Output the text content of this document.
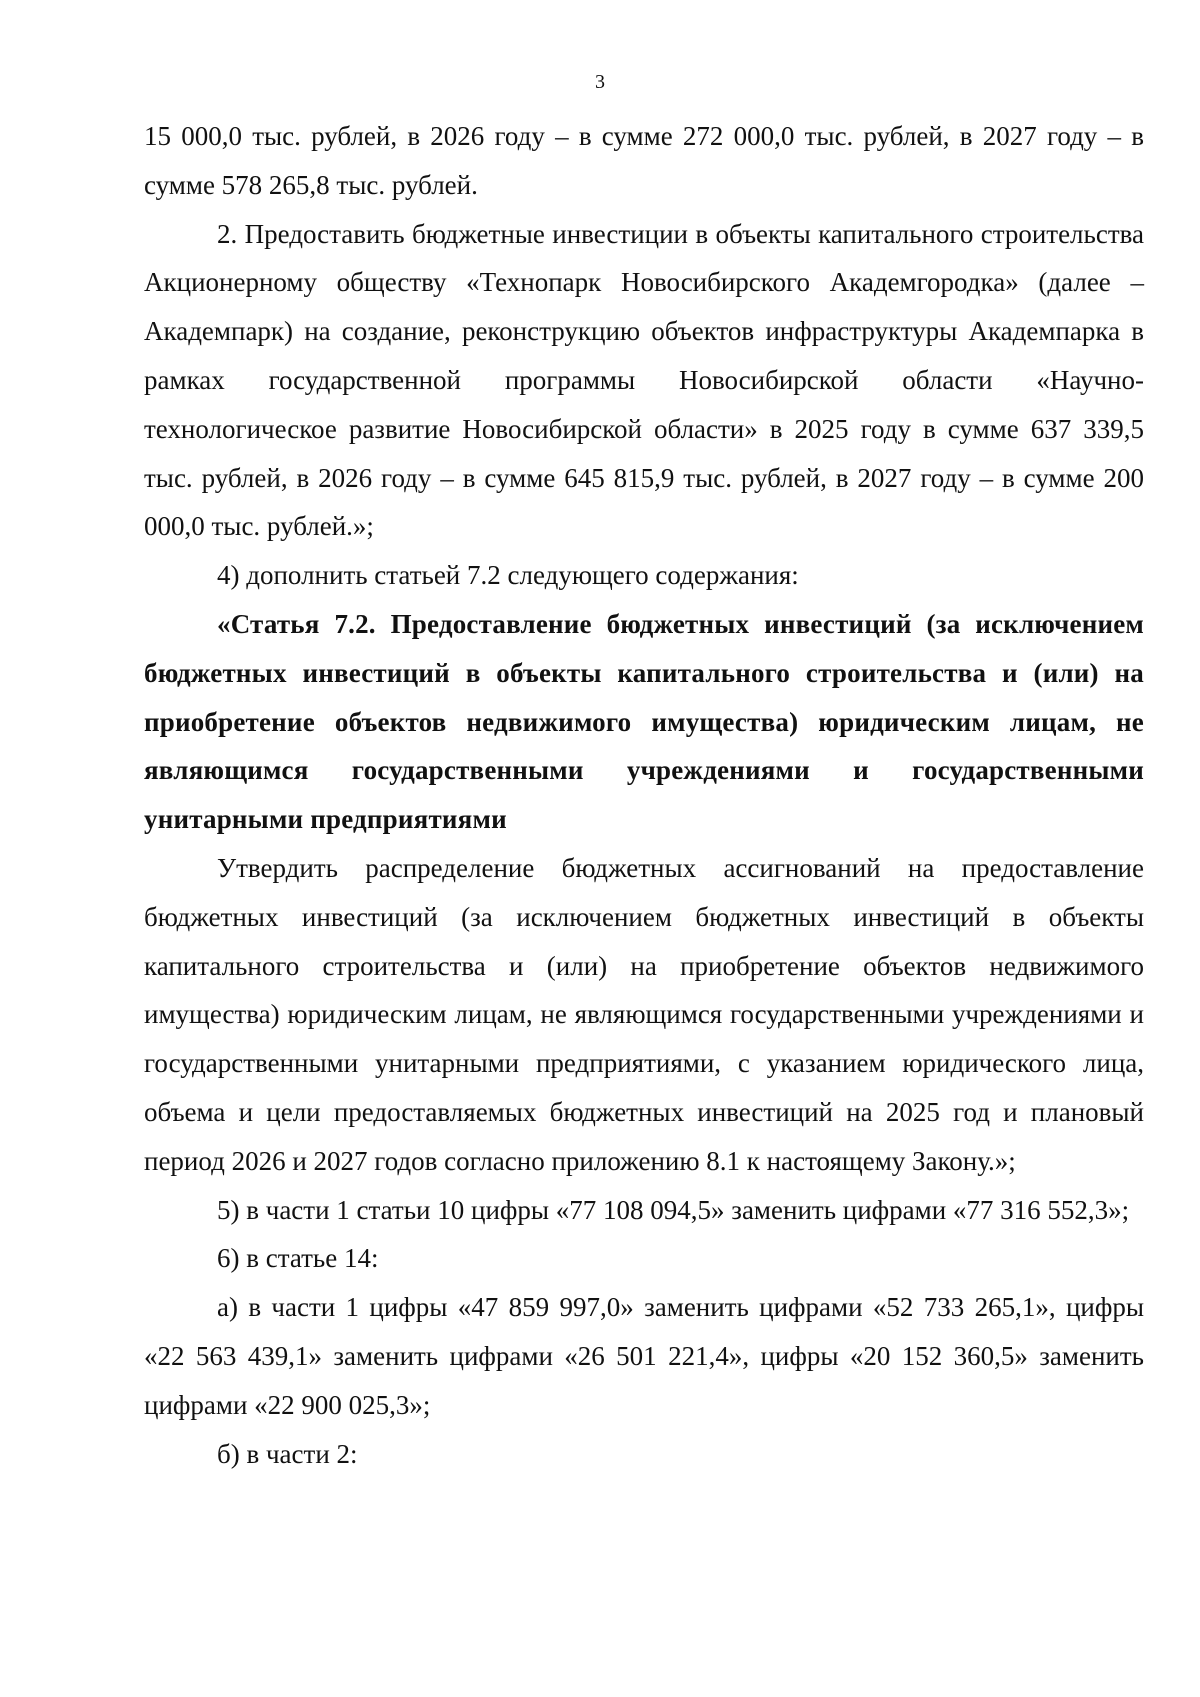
3

15 000,0 тыс. рублей, в 2026 году – в сумме 272 000,0 тыс. рублей, в 2027 году – в сумме 578 265,8 тыс. рублей.

2. Предоставить бюджетные инвестиции в объекты капитального строительства Акционерному обществу «Технопарк Новосибирского Академгородка» (далее – Академпарк) на создание, реконструкцию объектов инфраструктуры Академпарка в рамках государственной программы Новосибирской области «Научно-технологическое развитие Новосибирской области» в 2025 году в сумме 637 339,5 тыс. рублей, в 2026 году – в сумме 645 815,9 тыс. рублей, в 2027 году – в сумме 200 000,0 тыс. рублей.»;

4) дополнить статьей 7.2 следующего содержания:

«Статья 7.2. Предоставление бюджетных инвестиций (за исключением бюджетных инвестиций в объекты капитального строительства и (или) на приобретение объектов недвижимого имущества) юридическим лицам, не являющимся государственными учреждениями и государственными унитарными предприятиями

Утвердить распределение бюджетных ассигнований на предоставление бюджетных инвестиций (за исключением бюджетных инвестиций в объекты капитального строительства и (или) на приобретение объектов недвижимого имущества) юридическим лицам, не являющимся государственными учреждениями и государственными унитарными предприятиями, с указанием юридического лица, объема и цели предоставляемых бюджетных инвестиций на 2025 год и плановый период 2026 и 2027 годов согласно приложению 8.1 к настоящему Закону.»;

5) в части 1 статьи 10 цифры «77 108 094,5» заменить цифрами «77 316 552,3»;

6) в статье 14:

а) в части 1 цифры «47 859 997,0» заменить цифрами «52 733 265,1», цифры «22 563 439,1» заменить цифрами «26 501 221,4», цифры «20 152 360,5» заменить цифрами «22 900 025,3»;

б) в части 2:
